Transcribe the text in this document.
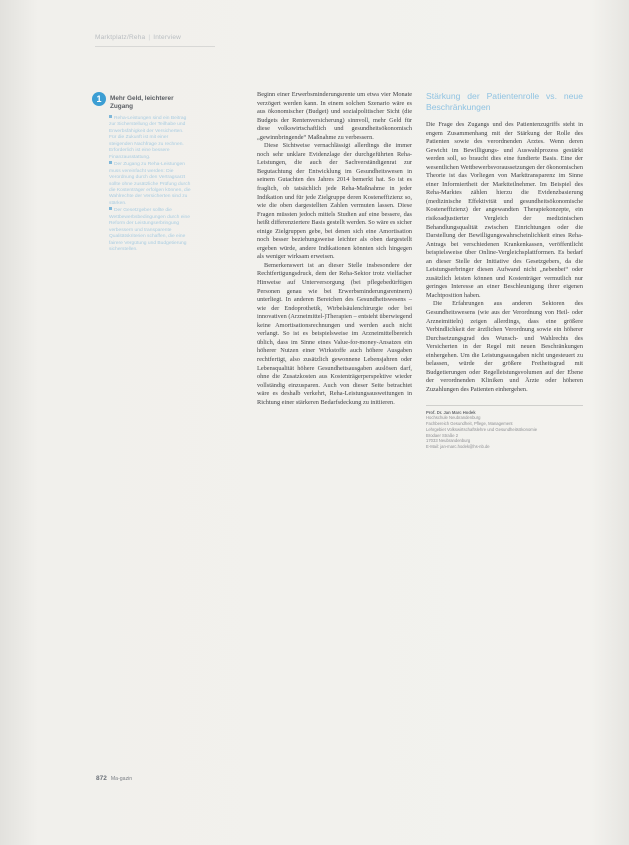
Marktplatz/Reha | Interview
1	Mehr Geld, leichterer Zugang

Reha-Leistungen sind ein Beitrag zur Sicherstellung der Teilhabe und Erwerbsfähigkeit der Versicherten. Für die Zukunft ist mit einer steigenden Nachfrage zu rechnen. Erforderlich ist eine bessere Finanzausstattung.

Der Zugang zu Reha-Leistungen muss vereinfacht werden: Die Verordnung durch den Vertragsarzt sollte ohne zusätzliche Prüfung durch die Kostenträger erfolgen können, die Wahlrechte der Versicherten sind zu stärken.

Der Gesetzgeber sollte die Wettbewerbsbedingungen durch eine Reform der Leistungserbringung verbessern und transparente Qualitätskriterien schaffen, die eine fairere Vergütung und Budgetierung sicherstellen.

Beginn einer Erwerbsminderungsrente um etwa vier Monate verzögert werden kann. In einem solchen Szenario wäre es aus ökonomischer (Budget) und sozialpolitischer Sicht (die Budgets der Rentenversicherung) sinnvoll, mehr Geld für diese volkswirtschaftlich und gesundheitsökonomisch „gewinnbringende“ Maßnahme zu verbessern.

Diese Sichtweise vernachlässigt allerdings die immer noch sehr unklare Evidenzlage der durchgeführten Reha-Leistungen, die auch der Sachverständigenrat zur Begutachtung der Entwicklung im Gesundheitswesen in seinem Gutachten des Jahres 2014 bemerkt hat. So ist es fraglich, ob tatsächlich jede Reha-Maßnahme in jeder Indikation und für jede Zielgruppe deren Kosteneffizienz so, wie die oben dargestellten Zahlen vermuten lassen. Diese Fragen müssten jedoch mittels Studien auf eine bessere, das heißt differenziertere Basis gestellt werden. So wäre es sicher einige Zielgruppen gebe, bei denen sich eine Amortisation noch besser beziehungsweise leichter als oben dargestellt ergeben würde, andere Indikationen könnten sich hingegen als weniger wirksam erweisen.

Bemerkenswert ist an dieser Stelle insbesondere der Rechtfertigungsdruck, dem der Reha-Sektor trotz vielfacher Hinweise auf Unterversorgung (bei pflegebedürftigen Personen genau wie bei Erwerbsminderungsrentnern) unterliegt. In anderen Bereichen des Gesundheitswesens – wie der Endoprothetik, Wirbelsäulenchirurgie oder bei innovativen (Arzneimittel-)Therapien – entsteht überwiegend keine Amortisationsrechnungen und werden auch nicht verlangt. So ist es beispielsweise im Arzneimittelbereich üblich, dass im Sinne eines Value-for-money-Ansatzes ein höherer Nutzen einer Wirkstoffe auch höhere Ausgaben rechtfertigt, also zusätzlich gewonnene Lebensjahren oder Lebensqualität höhere Gesundheitsausgaben auslösen darf, ohne die Zusatzkosten aus Kostenträgerperspektive wieder vollständig einzusparen. Auch von dieser Seite betrachtet wäre es deshalb verkehrt, Reha-Leistungsausweitungen in Richtung einer stärkeren Bedarfsdeckung zu initiieren.

Stärkung der Patientenrolle vs. neue Beschränkungen

Die Frage des Zugangs und des Patientenzugriffs steht in engem Zusammenhang mit der Stärkung der Rolle des Patienten sowie des verordnenden Arztes. Wenn deren Gewicht im Bewilligungs- und Auswahlprozess gestärkt werden soll, so braucht dies eine fundierte Basis. Eine der wesentlichen Wettbewerbsvoraussetzungen der ökonomischen Theorie ist das Vorliegen von Markttransparenz im Sinne einer Informiertheit der Marktteilnehmer. Im Beispiel des Reha-Marktes zählen hierzu die Evidenzbasierung (medizinische Effektivität und gesundheitsökonomische Kosteneffizienz) der angewandten Therapiekonzepte, ein risikoadjustierter Vergleich der medizinischen Behandlungsqualität zwischen Einrichtungen oder die Darstellung der Bewilligungswahrscheinlichkeit eines Reha-Antrags bei verschiedenen Krankenkassen, veröffentlicht beispielsweise über Online-Vergleichsplattformen. Es bedarf an dieser Stelle der Initiative des Gesetzgebers, da die Leistungserbringer diesen Aufwand nicht „nebenbei“ oder zusätzlich leisten können und Kostenträger vermutlich nur geringes Interesse an einer Beschleunigung ihrer eigenen Machtposition haben.

Die Erfahrungen aus anderen Sektoren des Gesundheitswesens (wie aus der Verordnung von Heil- oder Arzneimitteln) zeigen allerdings, dass eine größere Verbindlichkeit der ärztlichen Verordnung sowie ein höherer Durchsetzungsgrad des Wunsch- und Wahlrechts des Versicherten in der Regel mit neuen Beschränkungen einhergehen. Um die Leistungsausgaben nicht ungesteuert zu belassen, würde der größere Freiheitsgrad mit Budgetierungen oder Regelleistungsvolumen auf der Ebene der verordnenden Kliniken und Ärzte oder höheren Zuzahlungen des Patienten einhergehen.

Prof. Dr. Jan Marc Hodek
Hochschule Neubrandenburg
Fachbereich Gesundheit, Pflege, Management
Lehrgebiet Volkswirtschaftslehre und Gesundheitsökonomie
Brodaer Straße 2
17033 Neubrandenburg
E-Mail: jan-marc.hodek@hs-nb.de
872 Ma-gazin
